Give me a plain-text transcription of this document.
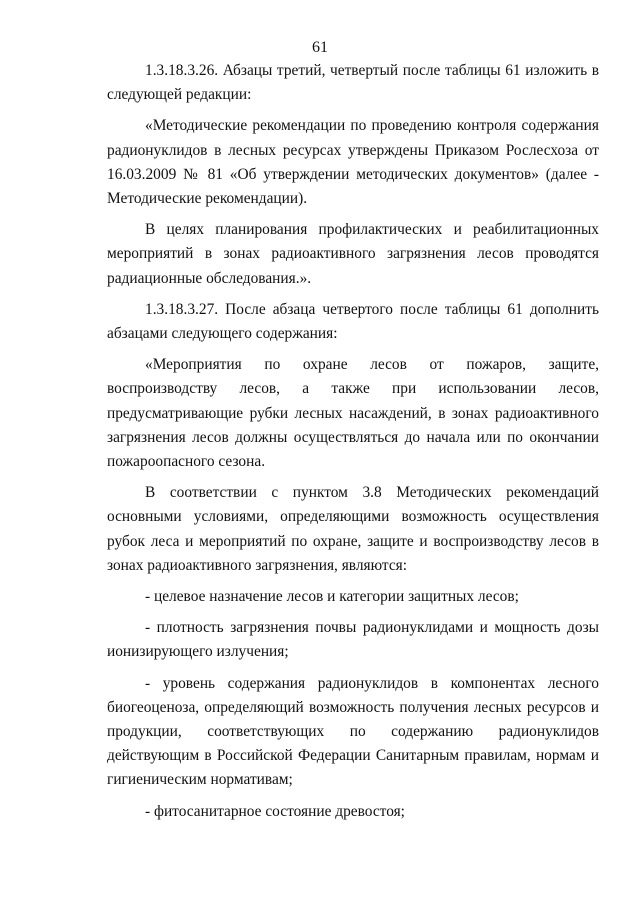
61

1.3.18.3.26. Абзацы третий, четвертый после таблицы 61 изложить в следующей редакции:

«Методические рекомендации по проведению контроля содержания радионуклидов в лесных ресурсах утверждены Приказом Рослесхоза от 16.03.2009 № 81 «Об утверждении методических документов» (далее - Методические рекомендации).

В целях планирования профилактических и реабилитационных мероприятий в зонах радиоактивного загрязнения лесов проводятся радиационные обследования.».

1.3.18.3.27. После абзаца четвертого после таблицы 61 дополнить абзацами следующего содержания:

«Мероприятия по охране лесов от пожаров, защите, воспроизводству лесов, а также при использовании лесов, предусматривающие рубки лесных насаждений, в зонах радиоактивного загрязнения лесов должны осуществляться до начала или по окончании пожароопасного сезона.

В соответствии с пунктом 3.8 Методических рекомендаций основными условиями, определяющими возможность осуществления рубок леса и мероприятий по охране, защите и воспроизводству лесов в зонах радиоактивного загрязнения, являются:

- целевое назначение лесов и категории защитных лесов;

- плотность загрязнения почвы радионуклидами и мощность дозы ионизирующего излучения;

- уровень содержания радионуклидов в компонентах лесного биогеоценоза, определяющий возможность получения лесных ресурсов и продукции, соответствующих по содержанию радионуклидов действующим в Российской Федерации Санитарным правилам, нормам и гигиеническим нормативам;

- фитосанитарное состояние древостоя;
